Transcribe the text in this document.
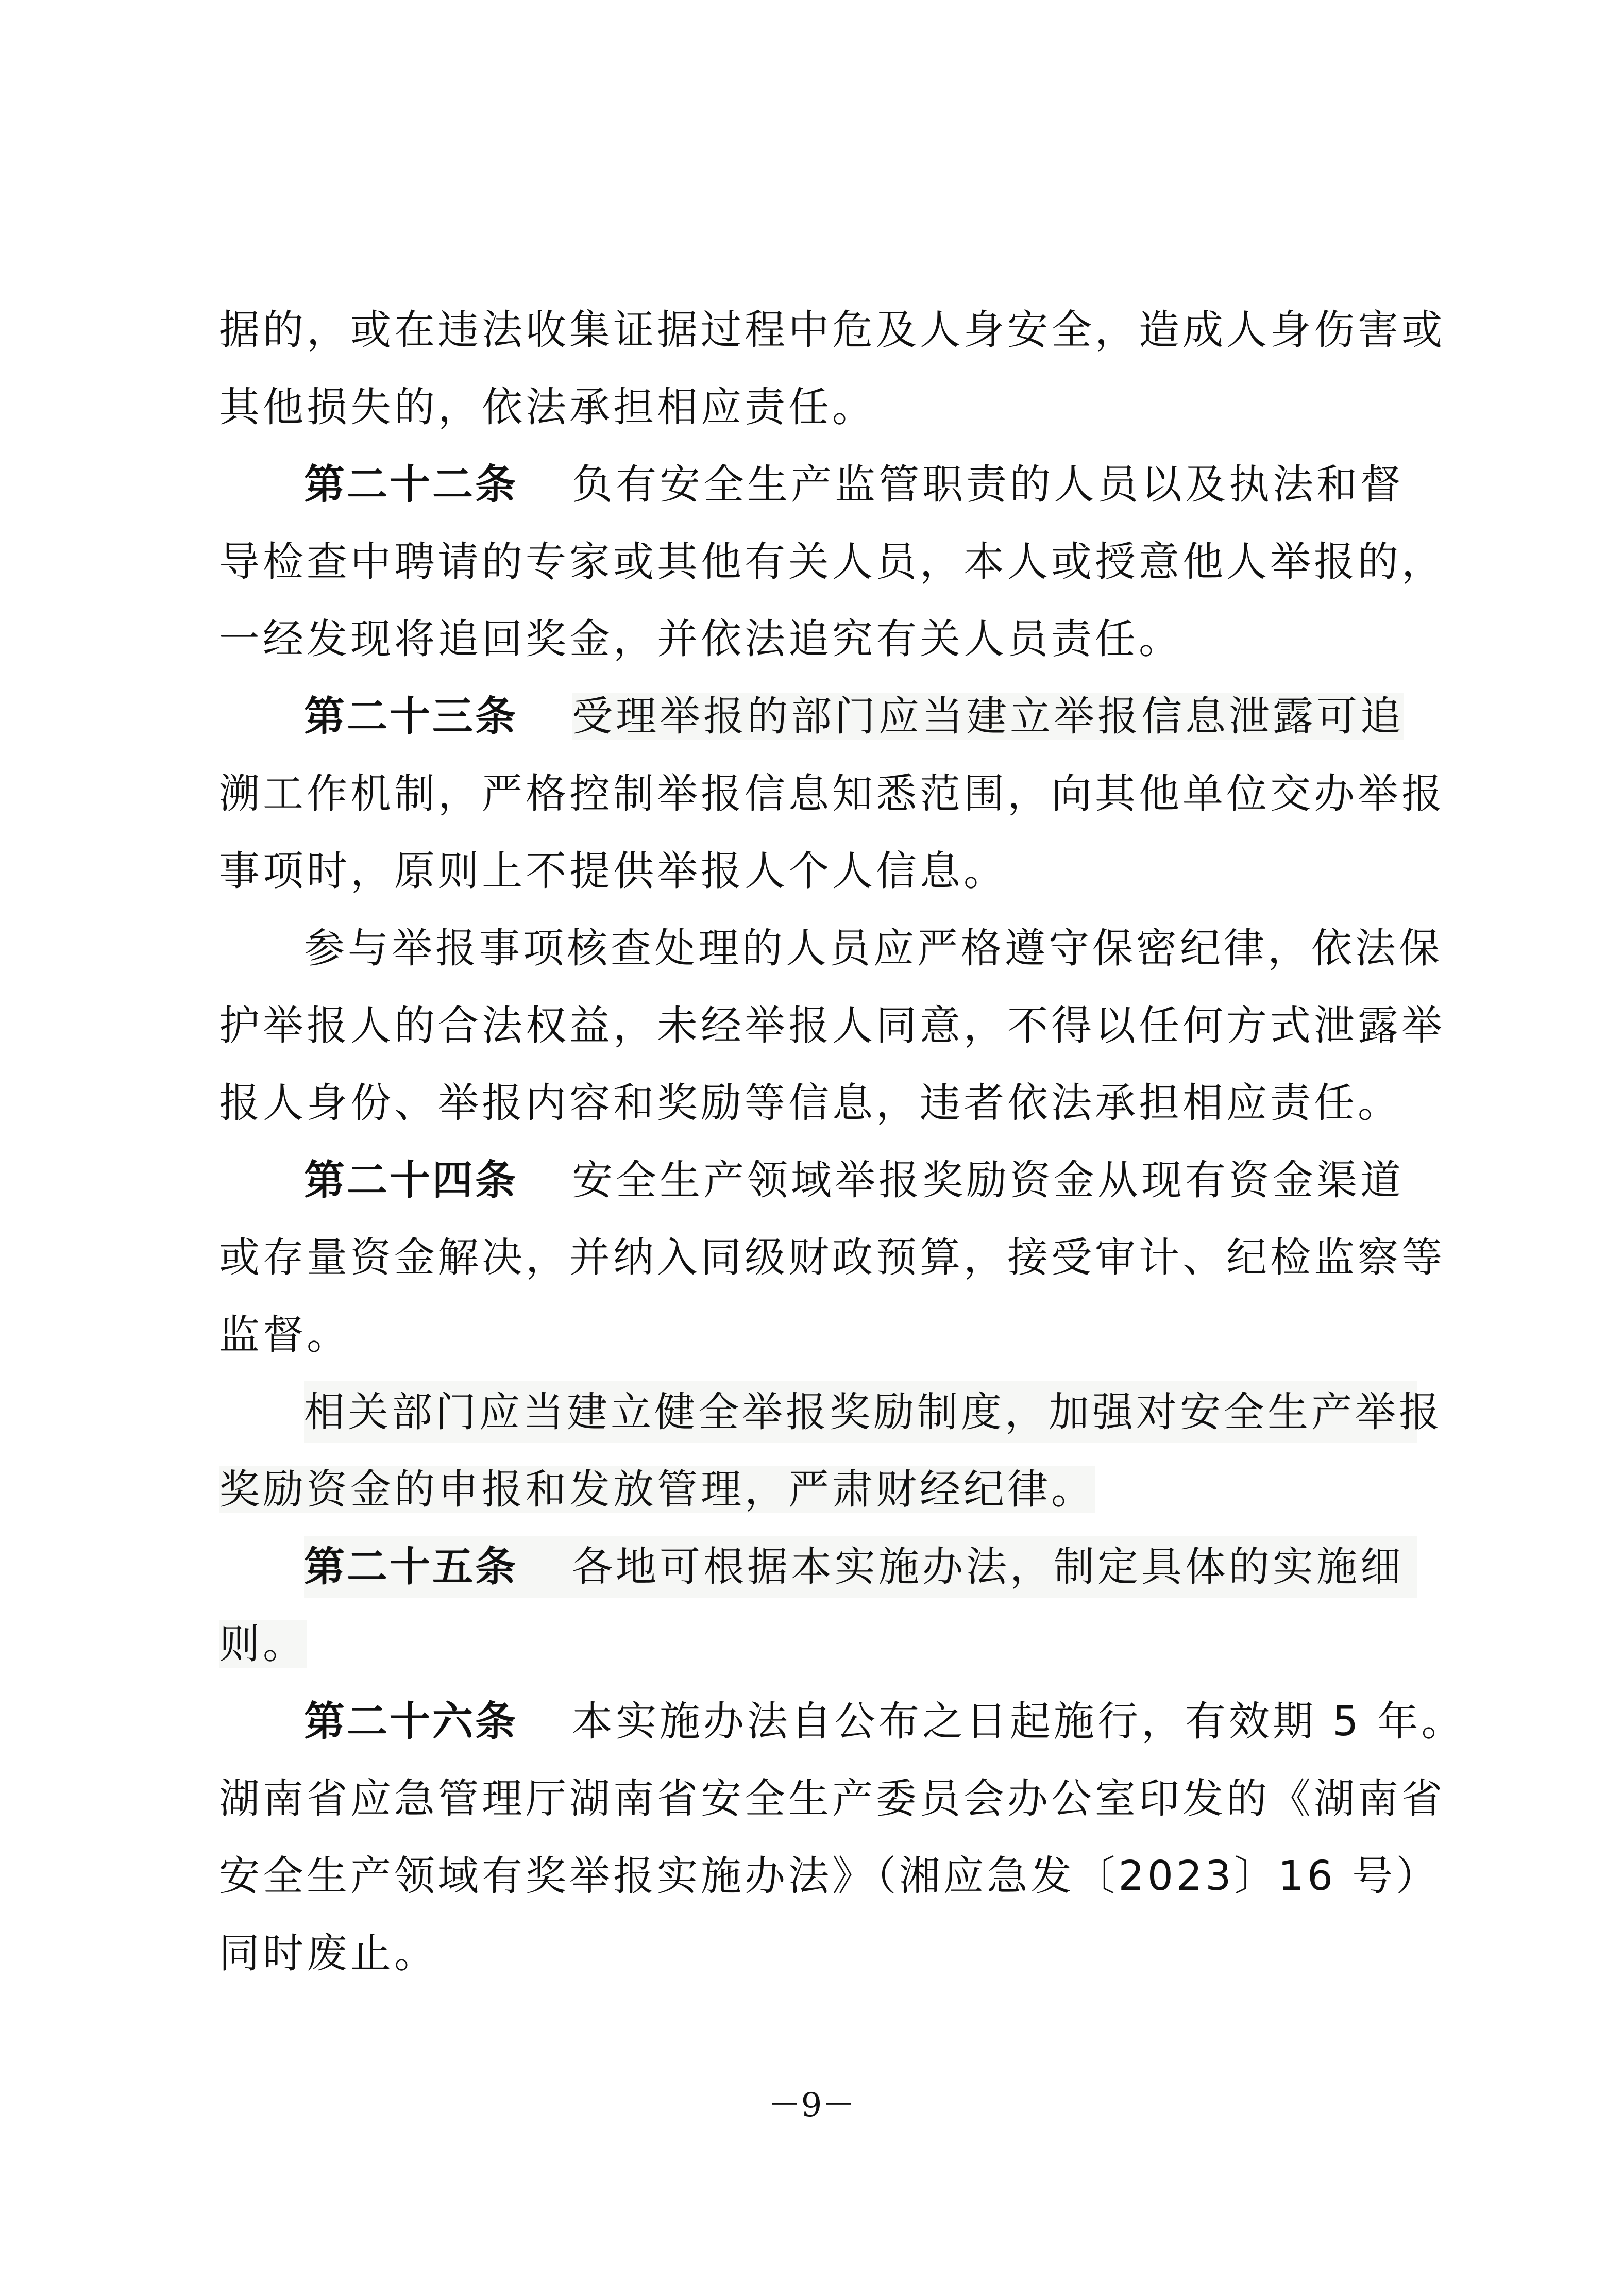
据的，或在违法收集证据过程中危及人身安全，造成人身伤害或
其他损失的，依法承担相应责任。
第二十二条 负有安全生产监管职责的人员以及执法和督
导检查中聘请的专家或其他有关人员，本人或授意他人举报的，
一经发现将追回奖金，并依法追究有关人员责任。
第二十三条 受理举报的部门应当建立举报信息泄露可追
溯工作机制，严格控制举报信息知悉范围，向其他单位交办举报
事项时，原则上不提供举报人个人信息。
参与举报事项核查处理的人员应严格遵守保密纪律，依法保
护举报人的合法权益，未经举报人同意，不得以任何方式泄露举
报人身份、举报内容和奖励等信息，违者依法承担相应责任。
第二十四条 安全生产领域举报奖励资金从现有资金渠道
或存量资金解决，并纳入同级财政预算，接受审计、纪检监察等
监督。
相关部门应当建立健全举报奖励制度，加强对安全生产举报
奖励资金的申报和发放管理，严肃财经纪律。
第二十五条 各地可根据本实施办法，制定具体的实施细
则。
第二十六条 本实施办法自公布之日起施行，有效期 5 年。
湖南省应急管理厅湖南省安全生产委员会办公室印发的《湖南省
安全生产领域有奖举报实施办法》（湘应急发〔2023〕16 号）
同时废止。
－9－
